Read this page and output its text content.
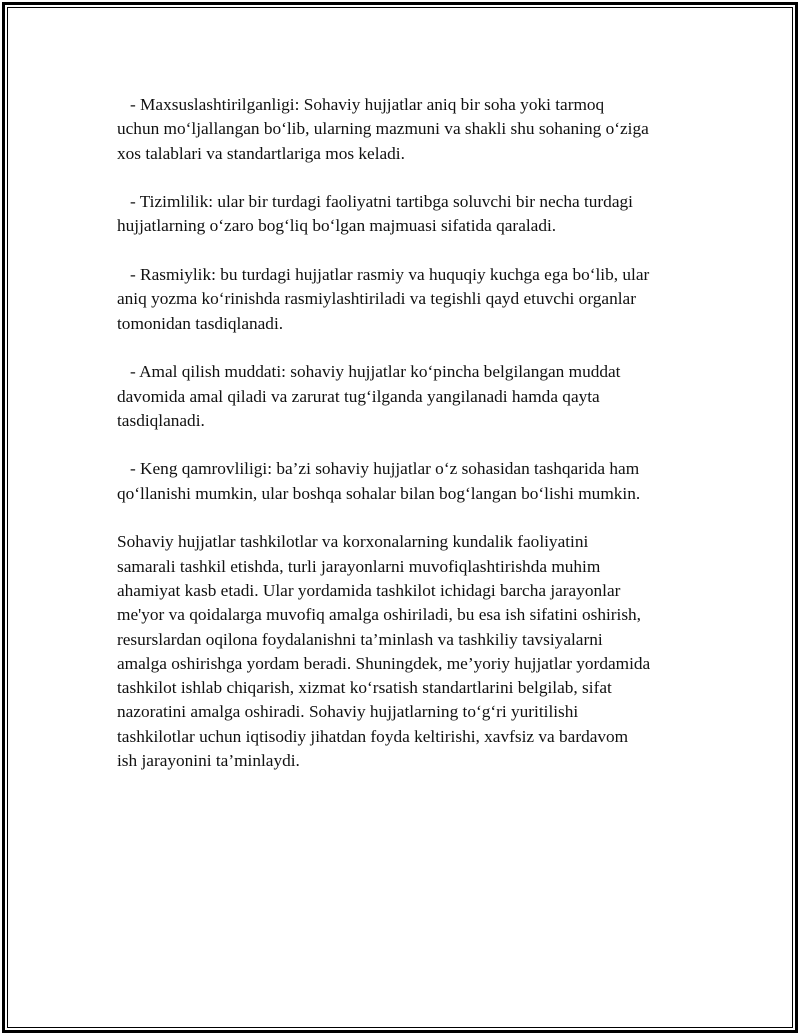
- Maxsuslashtirilganligi: Sohaviy hujjatlar aniq bir soha yoki tarmoq
uchun mo‘ljallangan bo‘lib, ularning mazmuni va shakli shu sohaning o‘ziga
xos talablari va standartlariga mos keladi.

- Tizimlilik: ular bir turdagi faoliyatni tartibga soluvchi bir necha turdagi
hujjatlarning o‘zaro bog‘liq bo‘lgan majmuasi sifatida qaraladi.

- Rasmiylik: bu turdagi hujjatlar rasmiy va huquqiy kuchga ega bo‘lib, ular
aniq yozma ko‘rinishda rasmiylashtiriladi va tegishli qayd etuvchi organlar
tomonidan tasdiqlanadi.

- Amal qilish muddati: sohaviy hujjatlar ko‘pincha belgilangan muddat
davomida amal qiladi va zarurat tug‘ilganda yangilanadi hamda qayta
tasdiqlanadi.

- Keng qamrovliligi: ba’zi sohaviy hujjatlar o‘z sohasidan tashqarida ham
qo‘llanishi mumkin, ular boshqa sohalar bilan bog‘langan bo‘lishi mumkin.

Sohaviy hujjatlar tashkilotlar va korxonalarning kundalik faoliyatini
samarali tashkil etishda, turli jarayonlarni muvofiqlashtirishda muhim
ahamiyat kasb etadi. Ular yordamida tashkilot ichidagi barcha jarayonlar
me'yor va qoidalarga muvofiq amalga oshiriladi, bu esa ish sifatini oshirish,
resurslardan oqilona foydalanishni ta’minlash va tashkiliy tavsiyalarni
amalga oshirishga yordam beradi. Shuningdek, me’yoriy hujjatlar yordamida
tashkilot ishlab chiqarish, xizmat ko‘rsatish standartlarini belgilab, sifat
nazoratini amalga oshiradi. Sohaviy hujjatlarning to‘g‘ri yuritilishi
tashkilotlar uchun iqtisodiy jihatdan foyda keltirishi, xavfsiz va bardavom
ish jarayonini ta’minlaydi.
